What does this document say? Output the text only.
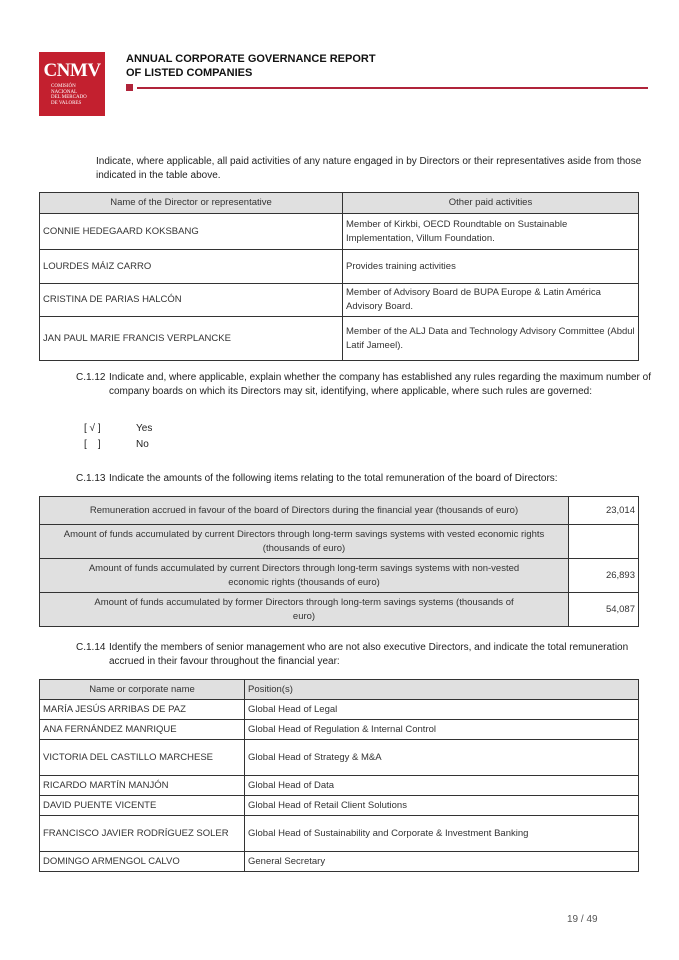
CNMV
COMISIÓN
NACIONAL
DEL MERCADO
DE VALORES
ANNUAL CORPORATE GOVERNANCE REPORT
OF LISTED COMPANIES
Indicate, where applicable, all paid activities of any nature engaged in by Directors or their representatives aside from those indicated in the table above.
Name of the Director or representative	Other paid activities
CONNIE HEDEGAARD KOKSBANG	Member of Kirkbi, OECD Roundtable on Sustainable Implementation, Villum Foundation.
LOURDES MÁIZ CARRO	Provides training activities
CRISTINA DE PARIAS HALCÓN	Member of Advisory Board de BUPA Europe & Latin América Advisory Board.
JAN PAUL MARIE FRANCIS VERPLANCKE	Member of the ALJ Data and Technology Advisory Committee (Abdul Latif Jameel).
C.1.12 Indicate and, where applicable, explain whether the company has established any rules regarding the maximum number of company boards on which its Directors may sit, identifying, where applicable, where such rules are governed:
[ √ ]	Yes
[    ]	No
C.1.13 Indicate the amounts of the following items relating to the total remuneration of the board of Directors:
Remuneration accrued in favour of the board of Directors during the financial year (thousands of euro)	23,014
Amount of funds accumulated by current Directors through long-term savings systems with vested economic rights (thousands of euro)	
Amount of funds accumulated by current Directors through long-term savings systems with non-vested economic rights (thousands of euro)	26,893
Amount of funds accumulated by former Directors through long-term savings systems (thousands of euro)	54,087
C.1.14 Identify the members of senior management who are not also executive Directors, and indicate the total remuneration accrued in their favour throughout the financial year:
Name or corporate name	Position(s)
MARÍA JESÚS ARRIBAS DE PAZ	Global Head of Legal
ANA FERNÁNDEZ MANRIQUE	Global Head of Regulation & Internal Control
VICTORIA DEL CASTILLO MARCHESE	Global Head of Strategy & M&A
RICARDO MARTÍN MANJÓN	Global Head of Data
DAVID PUENTE VICENTE	Global Head of Retail Client Solutions
FRANCISCO JAVIER RODRÍGUEZ SOLER	Global Head of Sustainability and Corporate & Investment Banking
DOMINGO ARMENGOL CALVO	General Secretary
19 / 49
